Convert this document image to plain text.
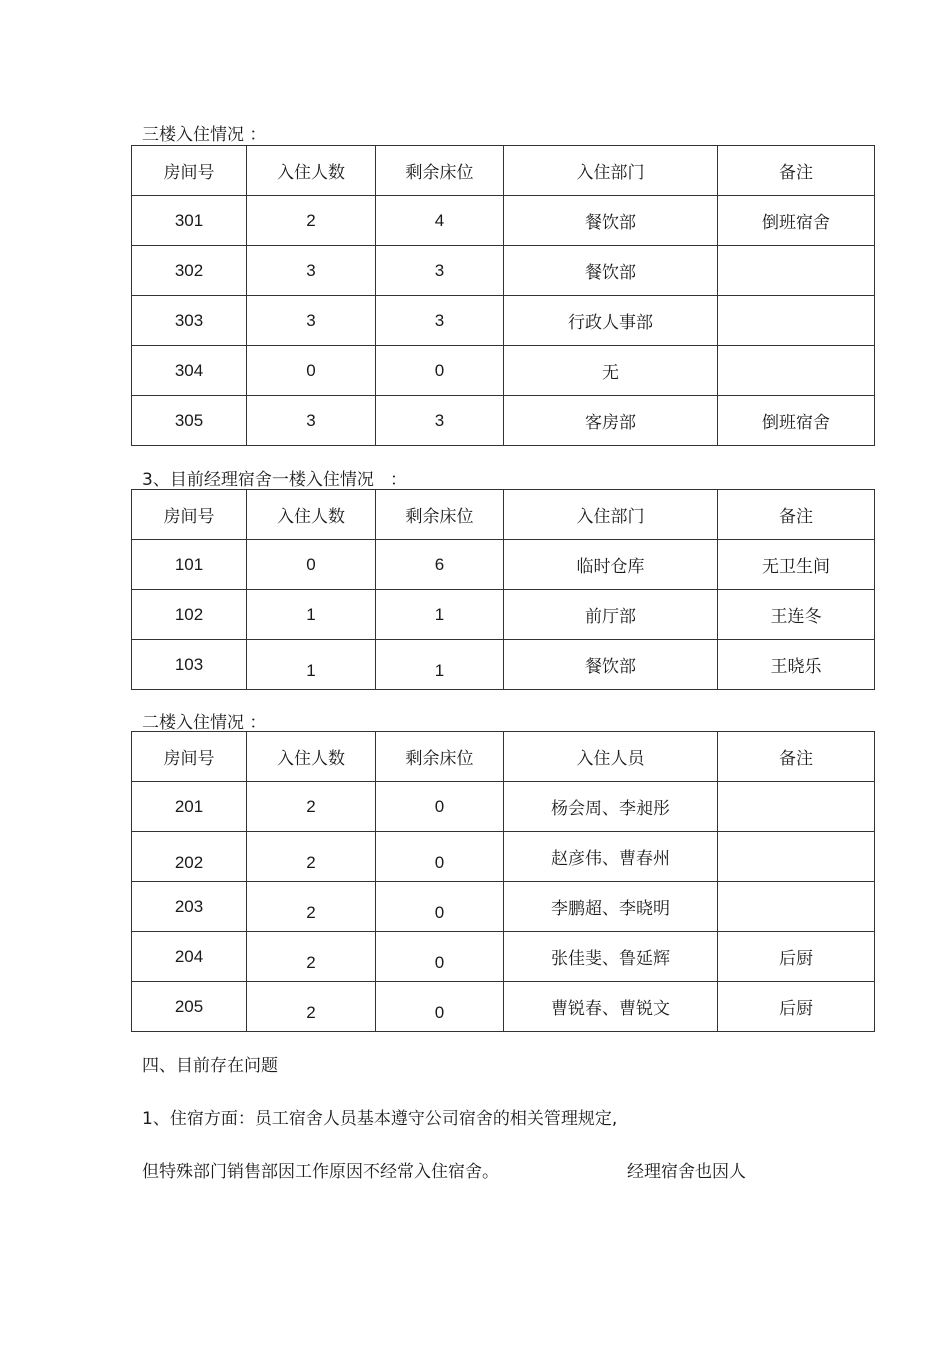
三楼入住情况 ：
房间号	入住人数	剩余床位	入住部门	备注
301	2	4	餐饮部	倒班宿舍
302	3	3	餐饮部	
303	3	3	行政人事部	
304	0	0	无	
305	3	3	客房部	倒班宿舍
3、目前经理宿舍一楼入住情况   ：
房间号	入住人数	剩余床位	入住部门	备注
101	0	6	临时仓库	无卫生间
102	1	1	前厅部	王连冬
103	1	1	餐饮部	王晓乐
二楼入住情况 ：
房间号	入住人数	剩余床位	入住人员	备注
201	2	0	杨会周、李昶彤	
202	2	0	赵彦伟、曹春州	
203	2	0	李鹏超、李晓明	
204	2	0	张佳斐、鲁延辉	后厨
205	2	0	曹锐春、曹锐文	后厨
四、目前存在问题
1、住宿方面：员工宿舍人员基本遵守公司宿舍的相关管理规定,
但特殊部门销售部因工作原因不经常入住宿舍。	经理宿舍也因人
